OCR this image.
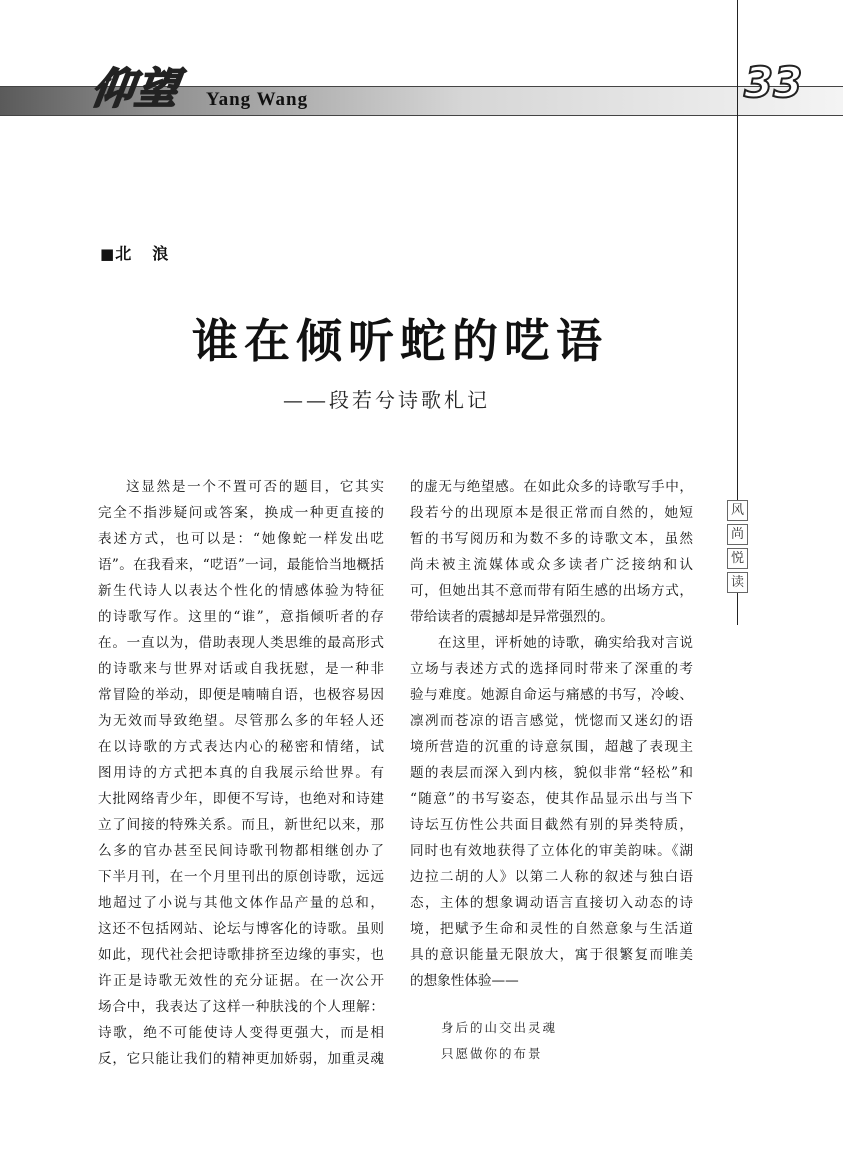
仰望 Yang Wang	33
风
尚
悦
读
■北 浪
谁在倾听蛇的呓语
——段若兮诗歌札记
这显然是一个不置可否的题目，它其实
完全不指涉疑问或答案，换成一种更直接的
表述方式，也可以是：“她像蛇一样发出呓
语”。在我看来，“呓语”一词，最能恰当地概括
新生代诗人以表达个性化的情感体验为特征
的诗歌写作。这里的“谁”，意指倾听者的存
在。一直以为，借助表现人类思维的最高形式
的诗歌来与世界对话或自我抚慰，是一种非
常冒险的举动，即便是喃喃自语，也极容易因
为无效而导致绝望。尽管那么多的年轻人还
在以诗歌的方式表达内心的秘密和情绪，试
图用诗的方式把本真的自我展示给世界。有
大批网络青少年，即便不写诗，也绝对和诗建
立了间接的特殊关系。而且，新世纪以来，那
么多的官办甚至民间诗歌刊物都相继创办了
下半月刊，在一个月里刊出的原创诗歌，远远
地超过了小说与其他文体作品产量的总和，
这还不包括网站、论坛与博客化的诗歌。虽则
如此，现代社会把诗歌排挤至边缘的事实，也
许正是诗歌无效性的充分证据。在一次公开
场合中，我表达了这样一种肤浅的个人理解：
诗歌，绝不可能使诗人变得更强大，而是相
反，它只能让我们的精神更加娇弱，加重灵魂
的虚无与绝望感。在如此众多的诗歌写手中，
段若兮的出现原本是很正常而自然的，她短
暂的书写阅历和为数不多的诗歌文本，虽然
尚未被主流媒体或众多读者广泛接纳和认
可，但她出其不意而带有陌生感的出场方式，
带给读者的震撼却是异常强烈的。
在这里，评析她的诗歌，确实给我对言说
立场与表述方式的选择同时带来了深重的考
验与难度。她源自命运与痛感的书写，冷峻、
凛冽而苍凉的语言感觉，恍惚而又迷幻的语
境所营造的沉重的诗意氛围，超越了表现主
题的表层而深入到内核，貌似非常“轻松”和
“随意”的书写姿态，使其作品显示出与当下
诗坛互仿性公共面目截然有别的异类特质，
同时也有效地获得了立体化的审美韵味。《湖
边拉二胡的人》以第二人称的叙述与独白语
态，主体的想象调动语言直接切入动态的诗
境，把赋予生命和灵性的自然意象与生活道
具的意识能量无限放大，寓于很繁复而唯美
的想象性体验——
身后的山交出灵魂
只愿做你的布景
